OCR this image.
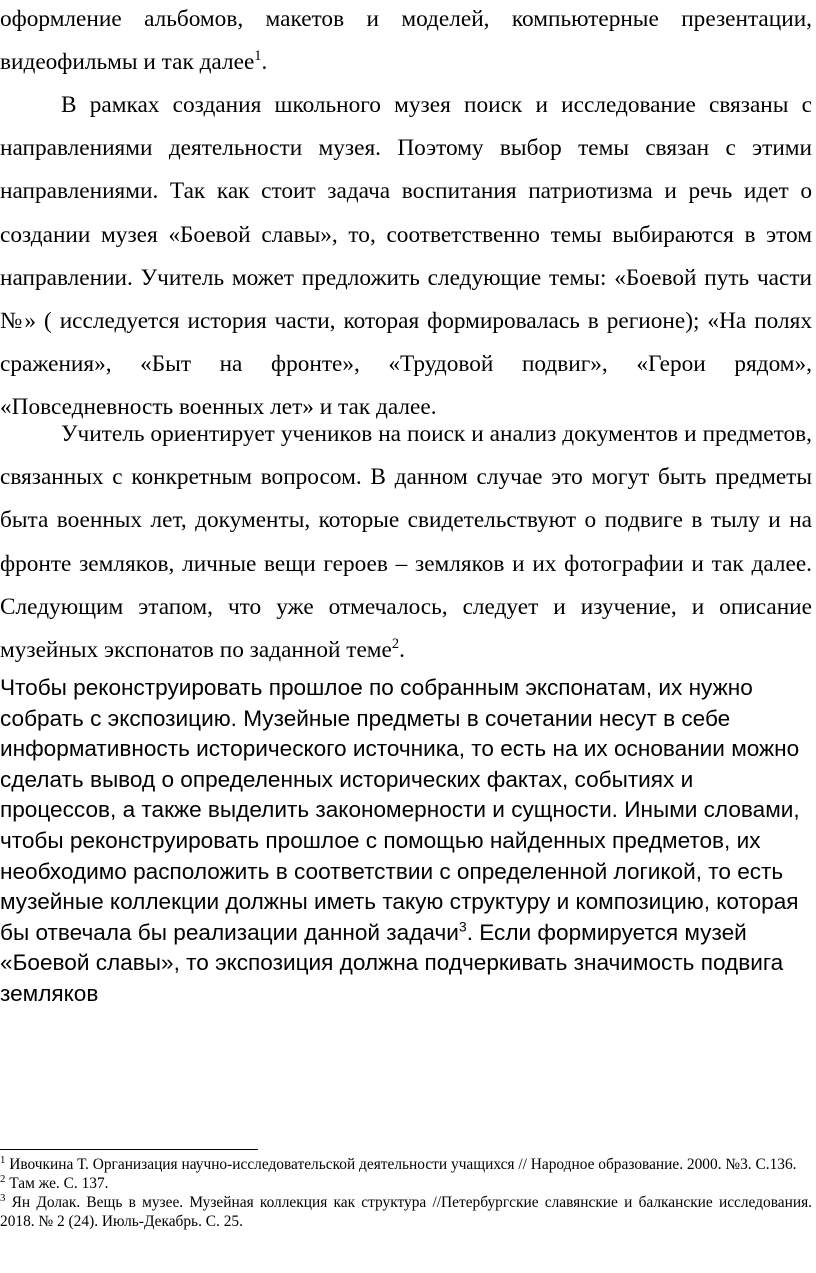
оформление альбомов, макетов и моделей, компьютерные презентации, видеофильмы и так далее$^1$.

В рамках создания школьного музея поиск и исследование связаны с направлениями деятельности музея. Поэтому выбор темы связан с этими направлениями. Так как стоит задача воспитания патриотизма и речь идет о создании музея «Боевой славы», то, соответственно темы выбираются в этом направлении. Учитель может предложить следующие темы: «Боевой путь части №» ( исследуется история части, которая формировалась в регионе); «На полях сражения», «Быт на фронте», «Трудовой подвиг», «Герои рядом», «Повседневность военных лет» и так далее.

Учитель ориентирует учеников на поиск и анализ документов и предметов, связанных с конкретным вопросом. В данном случае это могут быть предметы быта военных лет, документы, которые свидетельствуют о подвиге в тылу и на фронте земляков, личные вещи героев – земляков и их фотографии и так далее. Следующим этапом, что уже отмечалось, следует и изучение, и описание музейных экспонатов по заданной теме$^2$.

Чтобы реконструировать прошлое по собранным экспонатам, их нужно собрать с экспозицию. Музейные предметы в сочетании несут в себе информативность исторического источника, то есть на их основании можно сделать вывод о определенных исторических фактах, событиях и процессов, а также выделить закономерности и сущности. Иными словами, чтобы реконструировать прошлое с помощью найденных предметов, их необходимо расположить в соответствии с определенной логикой, то есть музейные коллекции должны иметь такую структуру и композицию, которая бы отвечала бы реализации данной задачи$^3$. Если формируется музей «Боевой славы», то экспозиция должна подчеркивать значимость подвига земляков

$^1$ Ивочкина Т. Организация научно-исследовательской деятельности учащихся // Народное образование. 2000. №3. С.136.

$^2$ Там же. С. 137.

$^3$ Ян Долак. Вещь в музее. Музейная коллекция как структура //Петербургские славянские и балканские исследования. 2018. № 2 (24). Июль-Декабрь. С. 25.
